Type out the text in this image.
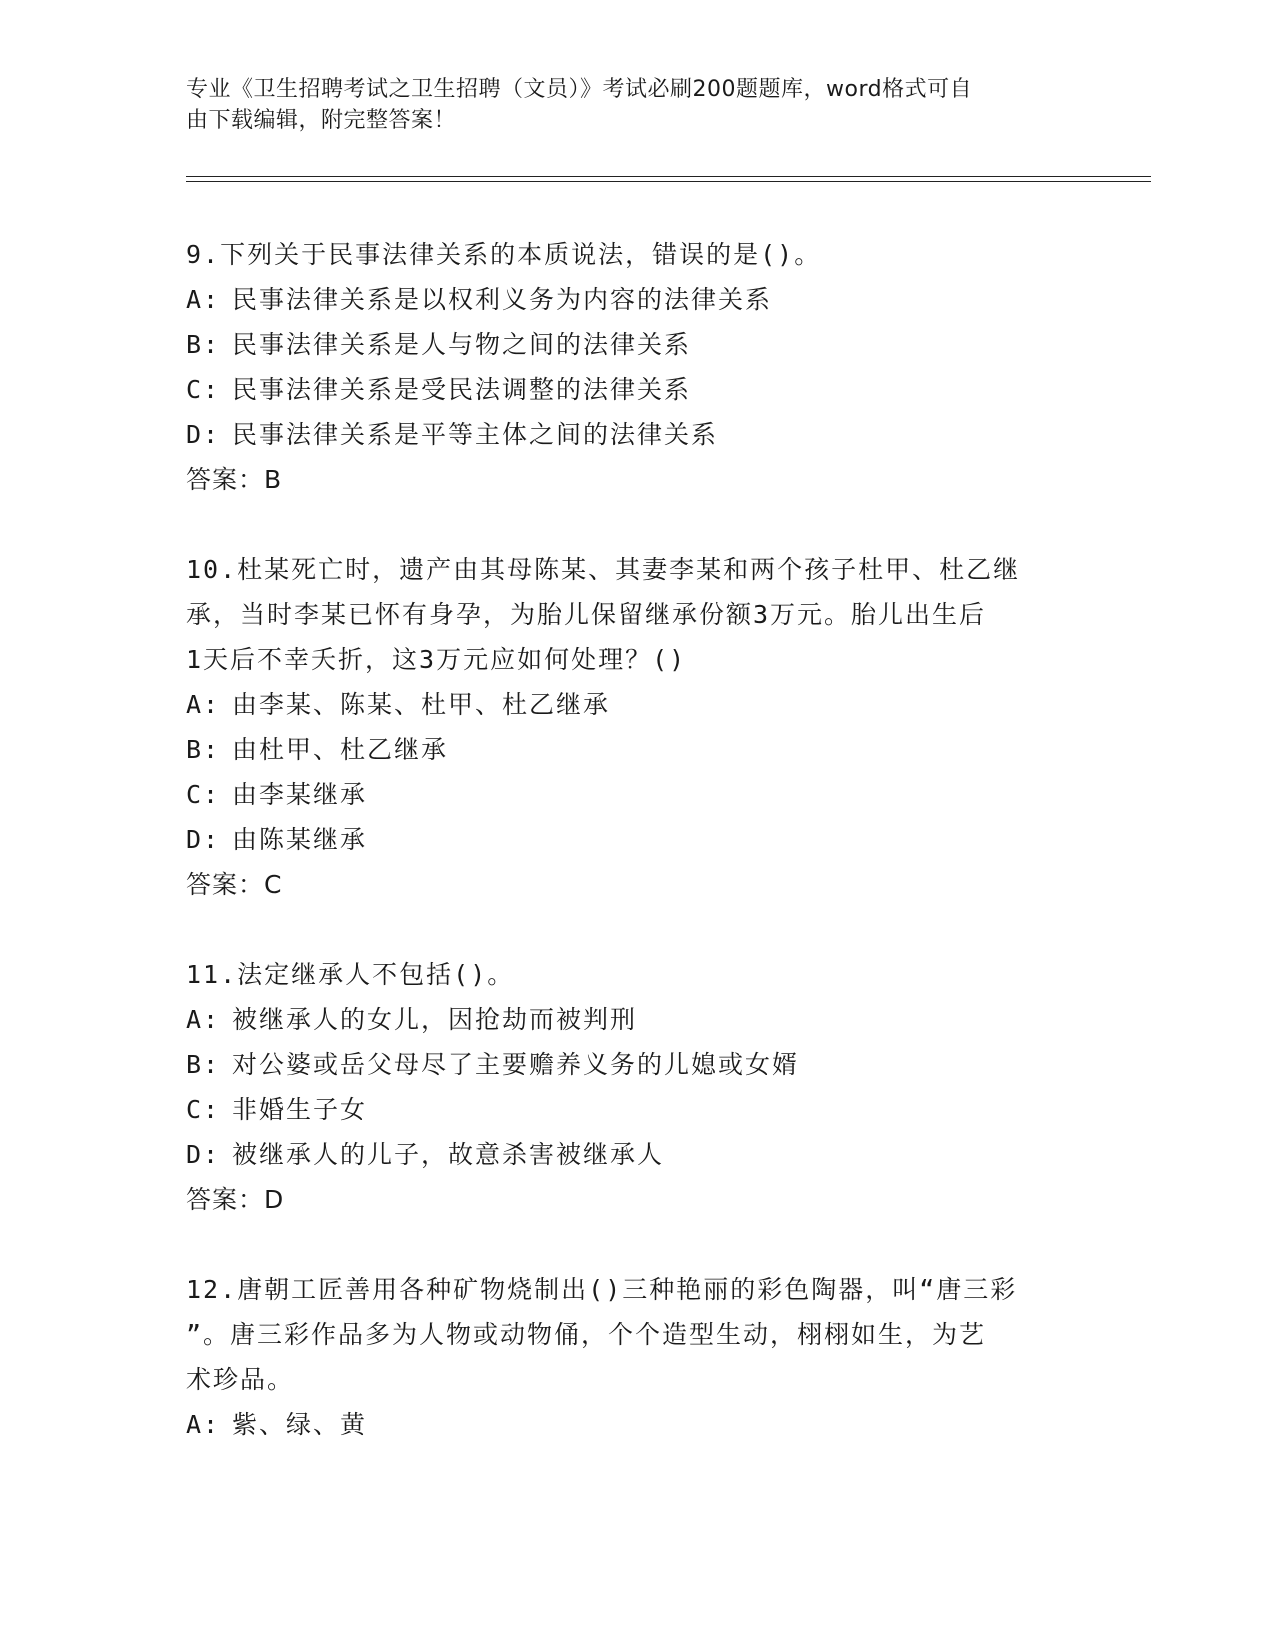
专业《卫生招聘考试之卫生招聘（文员）》考试必刷200题题库，word格式可自
由下载编辑，附完整答案！
9.下列关于民事法律关系的本质说法，错误的是()。
A: 民事法律关系是以权利义务为内容的法律关系
B: 民事法律关系是人与物之间的法律关系
C: 民事法律关系是受民法调整的法律关系
D: 民事法律关系是平等主体之间的法律关系
答案：B
10.杜某死亡时，遗产由其母陈某、其妻李某和两个孩子杜甲、杜乙继
承，当时李某已怀有身孕，为胎儿保留继承份额3万元。胎儿出生后
1天后不幸夭折，这3万元应如何处理？()
A: 由李某、陈某、杜甲、杜乙继承
B: 由杜甲、杜乙继承
C: 由李某继承
D: 由陈某继承
答案：C
11.法定继承人不包括()。
A: 被继承人的女儿，因抢劫而被判刑
B: 对公婆或岳父母尽了主要赡养义务的儿媳或女婿
C: 非婚生子女
D: 被继承人的儿子，故意杀害被继承人
答案：D
12.唐朝工匠善用各种矿物烧制出()三种艳丽的彩色陶器，叫“唐三彩
”。唐三彩作品多为人物或动物俑，个个造型生动，栩栩如生，为艺
术珍品。
A: 紫、绿、黄
